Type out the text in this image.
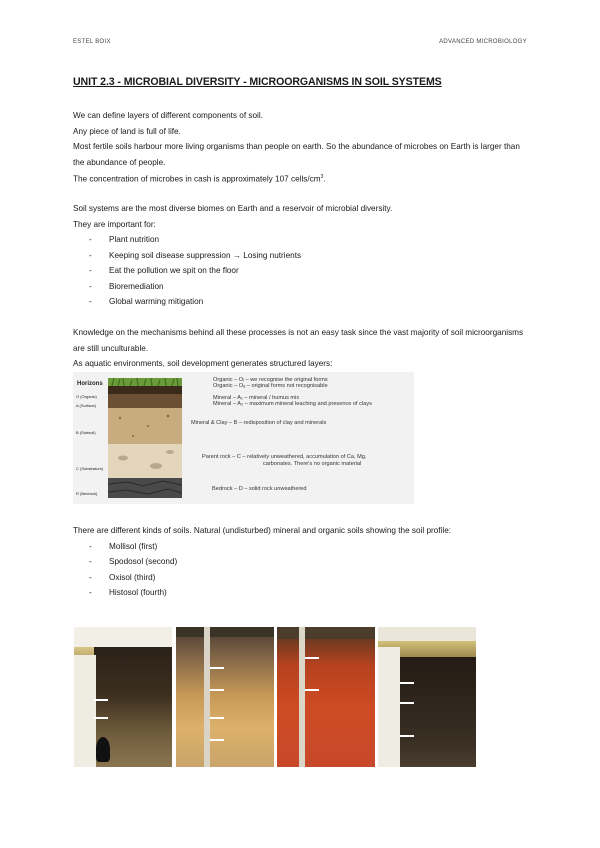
ESTEL BOIX	ADVANCED MICROBIOLOGY
UNIT 2.3 - MICROBIAL DIVERSITY - MICROORGANISMS IN SOIL SYSTEMS

We can define layers of different components of soil.

Any piece of land is full of life.

Most fertile soils harbour more living organisms than people on earth. So the abundance of microbes on Earth is larger than the abundance of people.

The concentration of microbes in cash is approximately 107 cells/$cm^3$.

Soil systems are the most diverse biomes on Earth and a reservoir of microbial diversity.

They are important for:

- Plant nutrition
- Keeping soil disease suppression → Losing nutrients
- Eat the pollution we spit on the floor
- Bioremediation
- Global warming mitigation

Knowledge on the mechanisms behind all these processes is not an easy task since the vast majority of soil microorganisms are still unculturable.

As aquatic environments, soil development generates structured layers:

Horizons
O (Organic)
A (Surface)
B (Subsoil)
C (Substratum)
R (Bedrock)
Organic – Oᵢ – we recognise the original forms
Organic – Oₐ – original forms not recognisable
Mineral – A₁ – mineral / humus mix
Mineral – A₂ – maximum mineral leaching and presence of clays
Mineral & Clay – B – redisposition of clay and minerals
Parent rock – C – relatively unweathered, accumulation of Ca, Mg,
carbonates. There's no organic material
Bedrock – D – solid rock unweathered

There are different kinds of soils. Natural (undisturbed) mineral and organic soils showing the soil profile:

- Mollisol (first)
- Spodosol (second)
- Oxisol (third)
- Histosol (fourth)
